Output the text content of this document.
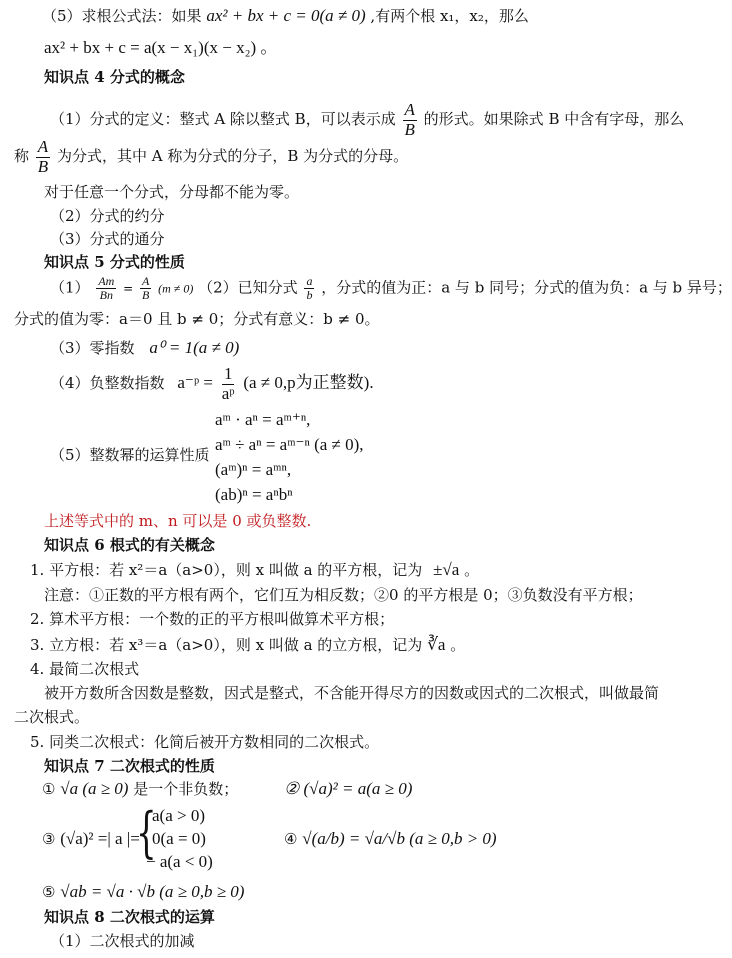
（5）求根公式法：如果 ax² + bx + c = 0(a ≠ 0) ,有两个根 x₁，x₂，那么
ax² + bx + c = a(x − x₁)(x − x₂) 。
知识点 4 分式的概念
（1）分式的定义：整式 A 除以整式 B，可以表示成 $\frac{A}{B}$ 的形式。如果除式 B 中含有字母，那么
称 $\frac{A}{B}$ 为分式，其中 A 称为分式的分子，B 为分式的分母。
对于任意一个分式，分母都不能为零。
（2）分式的约分
（3）分式的通分
知识点 5 分式的性质
$(1) \frac{Am}{Bn} = \frac{A}{B} (m \ne 0)$ （2）已知分式 $\frac{a}{b}$ ，分式的值为正：a 与 b 同号；分式的值为负：a 与 b 异号；
分式的值为零：a＝0 且 b ≠ 0；分式有意义：b ≠ 0。
（3）零指数 a⁰ = 1(a ≠ 0)
（4）负整数指数 a⁻ᵖ = $\frac{1}{\text{aᵖ}} (a \ne 0,p$为正整数).
（5）整数幂的运算性质
aᵐ · aⁿ = aᵐ⁺ⁿ,
aᵐ ÷ aⁿ = aᵐ⁻ⁿ (a ≠ 0),
(aᵐ)ⁿ = aᵐⁿ,
(ab)ⁿ = aⁿbⁿ
上述等式中的 m、n 可以是 0 或负整数.
知识点 6 根式的有关概念
1. 平方根：若 x²＝a（a>0），则 x 叫做 a 的平方根，记为 ±√a 。
注意：①正数的平方根有两个，它们互为相反数；②0 的平方根是 0；③负数没有平方根；
2. 算术平方根：一个数的正的平方根叫做算术平方根；
3. 立方根：若 x³＝a（a>0），则 x 叫做 a 的立方根，记为 ∛a 。
4. 最简二次根式
被开方数所含因数是整数，因式是整式，不含能开得尽方的因数或因式的二次根式，叫做最简
二次根式。
5. 同类二次根式：化简后被开方数相同的二次根式。
知识点 7 二次根式的性质
① √a (a ≥ 0) 是一个非负数；	② (√a)² = a(a ≥ 0)
③ (√a)² =| a |=
{
a(a > 0)
0(a = 0)
− a(a < 0)
④ √(a/b) = √a/√b (a ≥ 0,b > 0)
⑤ √ab = √a · √b (a ≥ 0,b ≥ 0)
知识点 8 二次根式的运算
（1）二次根式的加减
